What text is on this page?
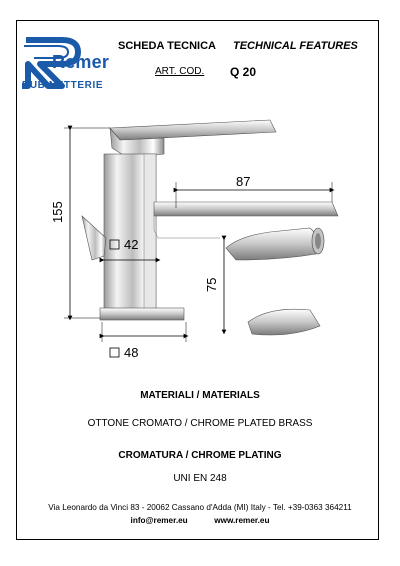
Remer
RUBINETTERIE
SCHEDA TECNICA TECHNICAL FEATURES
ART. COD. Q 20
155
87
75
42
48
MATERIALI / MATERIALS
OTTONE CROMATO / CHROME PLATED BRASS
CROMATURA / CHROME PLATING
UNI EN 248
Via Leonardo da Vinci 83 - 20062 Cassano d'Adda (MI) Italy - Tel. +39-0363 364211
info@remer.eu	www.remer.eu
